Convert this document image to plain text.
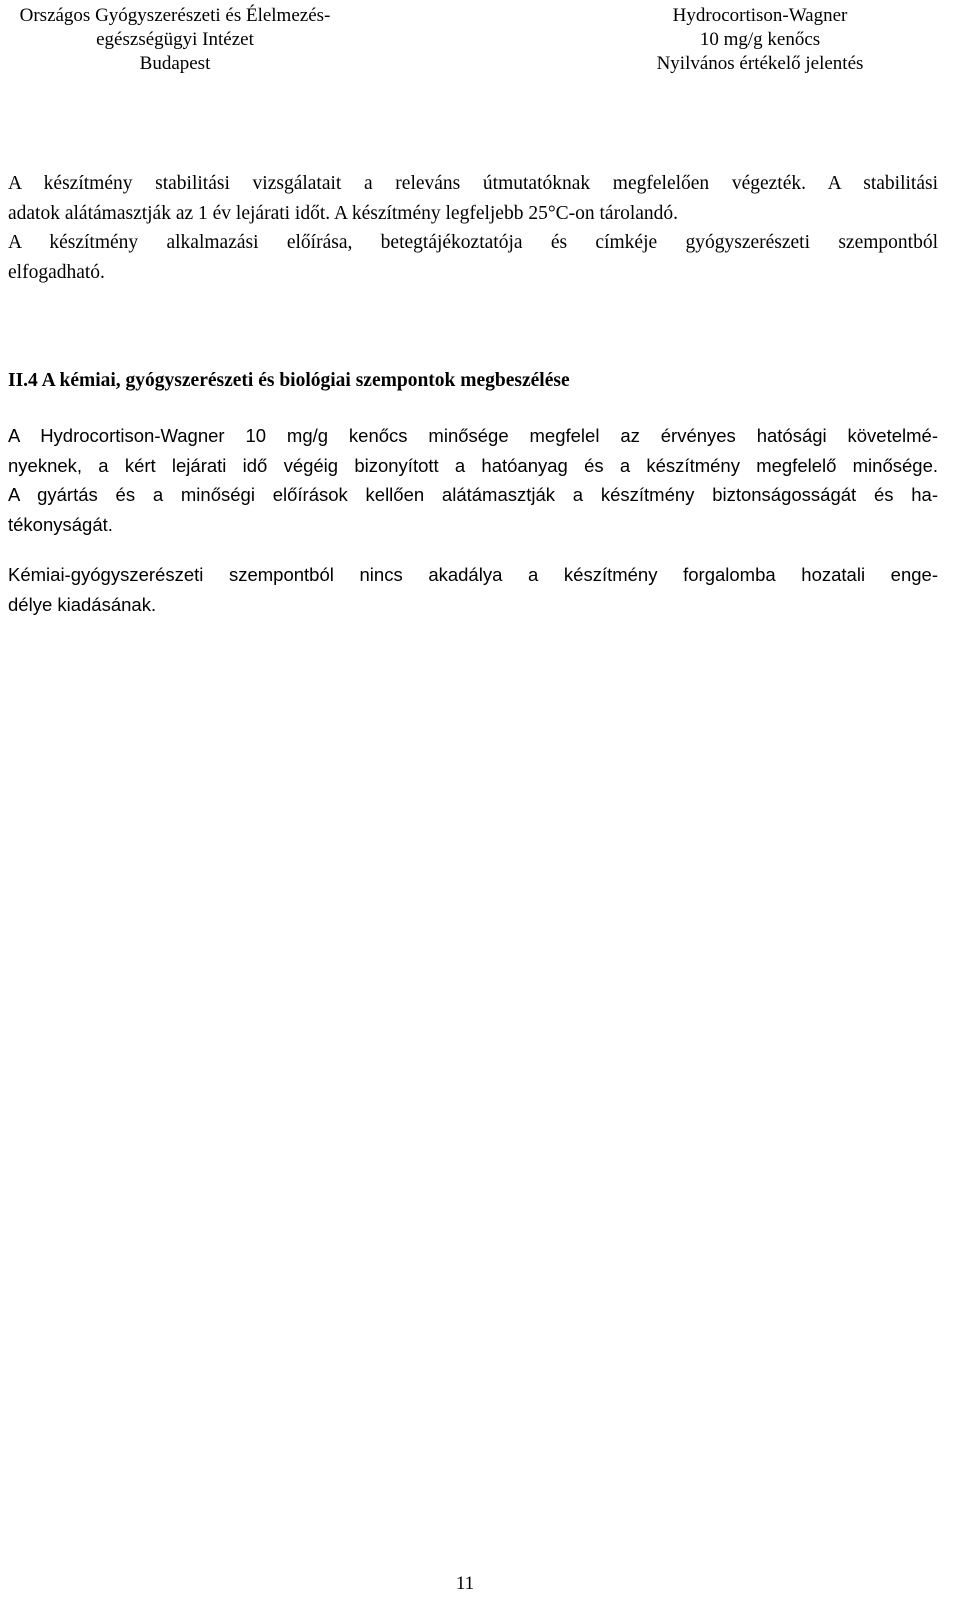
Országos Gyógyszerészeti és Élelmezés-
egészségügyi Intézet
Budapest
Hydrocortison-Wagner
10 mg/g kenőcs
Nyilvános értékelő jelentés

A készítmény stabilitási vizsgálatait a releváns útmutatóknak megfelelően végezték. A stabilitási
adatok alátámasztják az 1 év lejárati időt. A készítmény legfeljebb 25°C-on tárolandó.

A készítmény alkalmazási előírása, betegtájékoztatója és címkéje gyógyszerészeti szempontból
elfogadható.

II.4 A kémiai, gyógyszerészeti és biológiai szempontok megbeszélése

A Hydrocortison-Wagner 10 mg/g kenőcs minősége megfelel az érvényes hatósági követelmé-
nyeknek, a kért lejárati idő végéig bizonyított a hatóanyag és a készítmény megfelelő minősége.
A gyártás és a minőségi előírások kellően alátámasztják a készítmény biztonságosságát és ha-
tékonyságát.

Kémiai-gyógyszerészeti szempontból nincs akadálya a készítmény forgalomba hozatali enge-
délye kiadásának.

11
